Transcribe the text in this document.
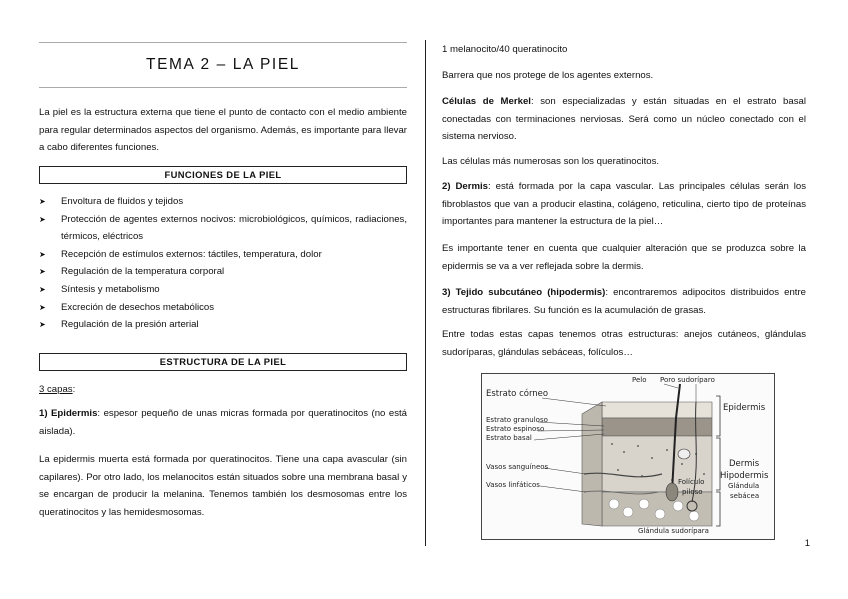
TEMA 2 – LA PIEL

La piel es la estructura externa que tiene el punto de contacto con el medio ambiente para regular determinados aspectos del organismo. Además, es importante para llevar a cabo diferentes funciones.

FUNCIONES DE LA PIEL
➤ Envoltura de fluidos y tejidos
➤ Protección de agentes externos nocivos: microbiológicos, químicos, radiaciones, térmicos, eléctricos
➤ Recepción de estímulos externos: táctiles, temperatura, dolor
➤ Regulación de la temperatura corporal
➤ Síntesis y metabolismo
➤ Excreción de desechos metabólicos
➤ Regulación de la presión arterial
ESTRUCTURA DE LA PIEL

3 capas:

1) Epidermis: espesor pequeño de unas micras formada por queratinocitos (no está aislada).

La epidermis muerta está formada por queratinocitos. Tiene una capa avascular (sin capilares). Por otro lado, los melanocitos están situados sobre una membrana basal y se encargan de producir la melanina. Tenemos también los desmosomas entre los queratinocitos y las hemidesmosomas.

1 melanocito/40 queratinocito

Barrera que nos protege de los agentes externos.

Células de Merkel: son especializadas y están situadas en el estrato basal conectadas con terminaciones nerviosas. Será como un núcleo conectado con el sistema nervioso.

Las células más numerosas son los queratinocitos.

2) Dermis: está formada por la capa vascular. Las principales células serán los fibroblastos que van a producir elastina, colágeno, reticulina, cierto tipo de proteínas importantes para mantener la estructura de la piel…

Es importante tener en cuenta que cualquier alteración que se produzca sobre la epidermis se va a ver reflejada sobre la dermis.

3) Tejido subcutáneo (hipodermis): encontraremos adipocitos distribuidos entre estructuras fibrilares. Su función es la acumulación de grasas.

Entre todas estas capas tenemos otras estructuras: anejos cutáneos, glándulas sudoríparas, glándulas sebáceas, folículos…

Estrato córneo
Pelo Poro sudoríparo
Estrato granuloso
Estrato espinoso
Estrato basal
Vasos sanguíneos
Vasos linfáticos
Epidermis
Dermis
Hipodermis
Folículo
piloso
Glándula
sebácea
Glándula sudorípara
1
